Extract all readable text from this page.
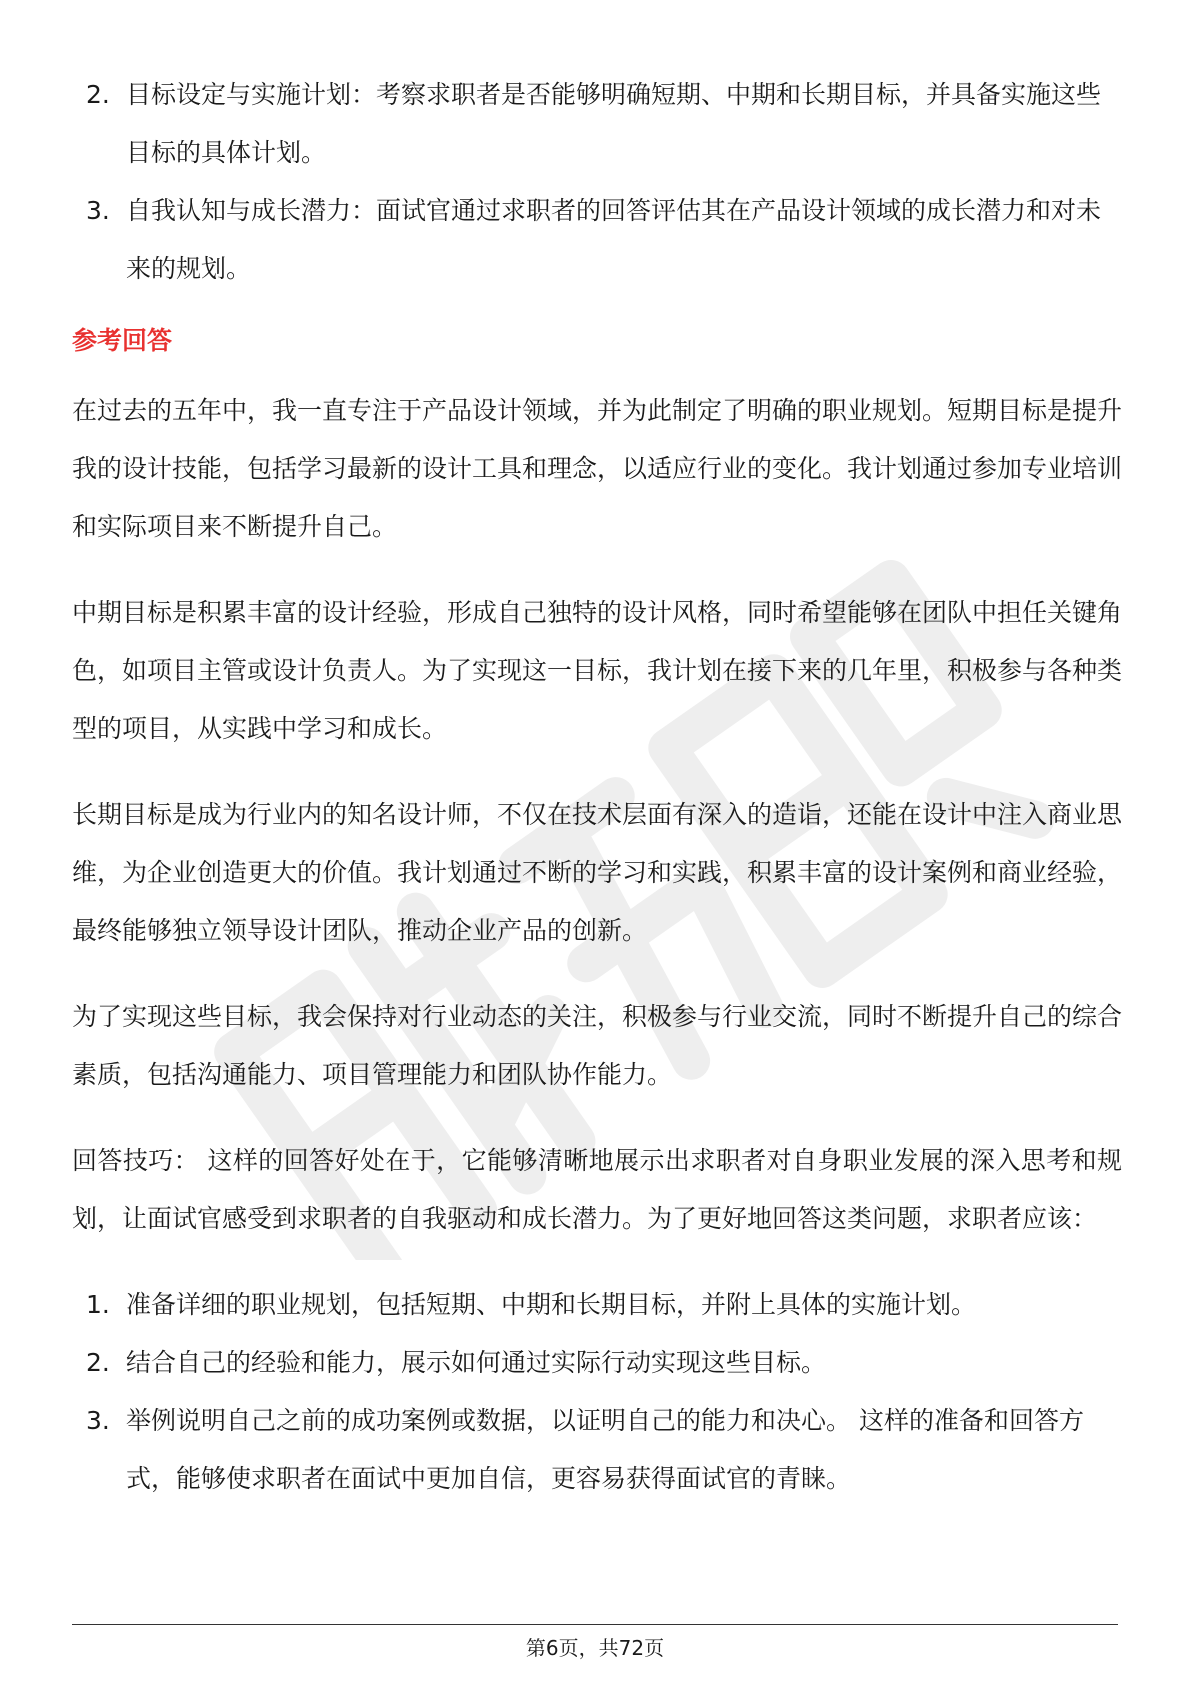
2. 目标设定与实施计划：考察求职者是否能够明确短期、中期和长期目标，并具备实施这些目标的具体计划。
3. 自我认知与成长潜力：面试官通过求职者的回答评估其在产品设计领域的成长潜力和对未来的规划。
参考回答

在过去的五年中，我一直专注于产品设计领域，并为此制定了明确的职业规划。短期目标是提升我的设计技能，包括学习最新的设计工具和理念，以适应行业的变化。我计划通过参加专业培训和实际项目来不断提升自己。

中期目标是积累丰富的设计经验，形成自己独特的设计风格，同时希望能够在团队中担任关键角色，如项目主管或设计负责人。为了实现这一目标，我计划在接下来的几年里，积极参与各种类型的项目，从实践中学习和成长。

长期目标是成为行业内的知名设计师，不仅在技术层面有深入的造诣，还能在设计中注入商业思维，为企业创造更大的价值。我计划通过不断的学习和实践，积累丰富的设计案例和商业经验，最终能够独立领导设计团队，推动企业产品的创新。

为了实现这些目标，我会保持对行业动态的关注，积极参与行业交流，同时不断提升自己的综合素质，包括沟通能力、项目管理能力和团队协作能力。

回答技巧： 这样的回答好处在于，它能够清晰地展示出求职者对自身职业发展的深入思考和规划，让面试官感受到求职者的自我驱动和成长潜力。为了更好地回答这类问题，求职者应该：

1. 准备详细的职业规划，包括短期、中期和长期目标，并附上具体的实施计划。
2. 结合自己的经验和能力，展示如何通过实际行动实现这些目标。
3. 举例说明自己之前的成功案例或数据，以证明自己的能力和决心。 这样的准备和回答方式，能够使求职者在面试中更加自信，更容易获得面试官的青睐。
第6页，共72页
